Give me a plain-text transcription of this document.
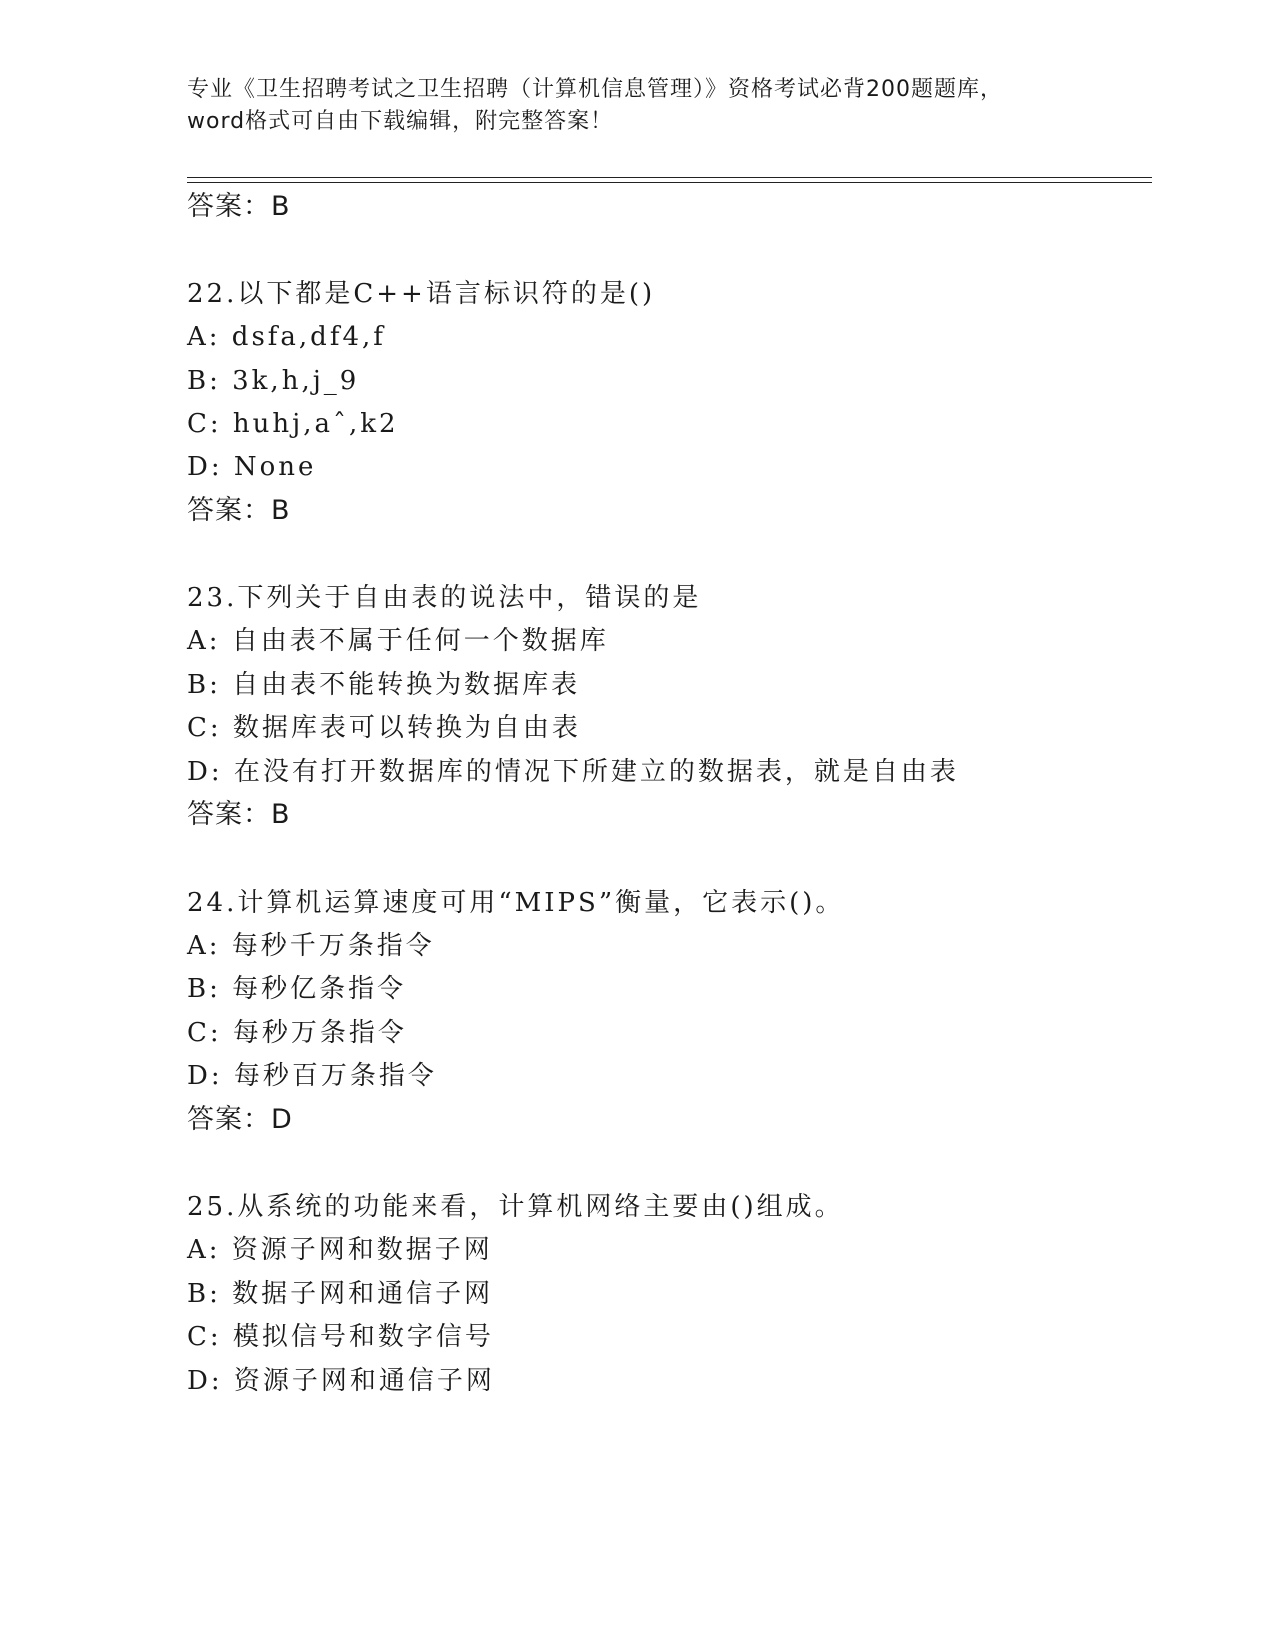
专业《卫生招聘考试之卫生招聘（计算机信息管理）》资格考试必背200题题库，
word格式可自由下载编辑，附完整答案！
答案：B
22.以下都是C++语言标识符的是()
A: dsfa,df4,f
B: 3k,h,j_9
C: huhj,aˆ,k2
D: None
答案：B
23.下列关于自由表的说法中，错误的是
A: 自由表不属于任何一个数据库
B: 自由表不能转换为数据库表
C: 数据库表可以转换为自由表
D: 在没有打开数据库的情况下所建立的数据表，就是自由表
答案：B
24.计算机运算速度可用“MIPS”衡量，它表示()。
A: 每秒千万条指令
B: 每秒亿条指令
C: 每秒万条指令
D: 每秒百万条指令
答案：D
25.从系统的功能来看，计算机网络主要由()组成。
A: 资源子网和数据子网
B: 数据子网和通信子网
C: 模拟信号和数字信号
D: 资源子网和通信子网
